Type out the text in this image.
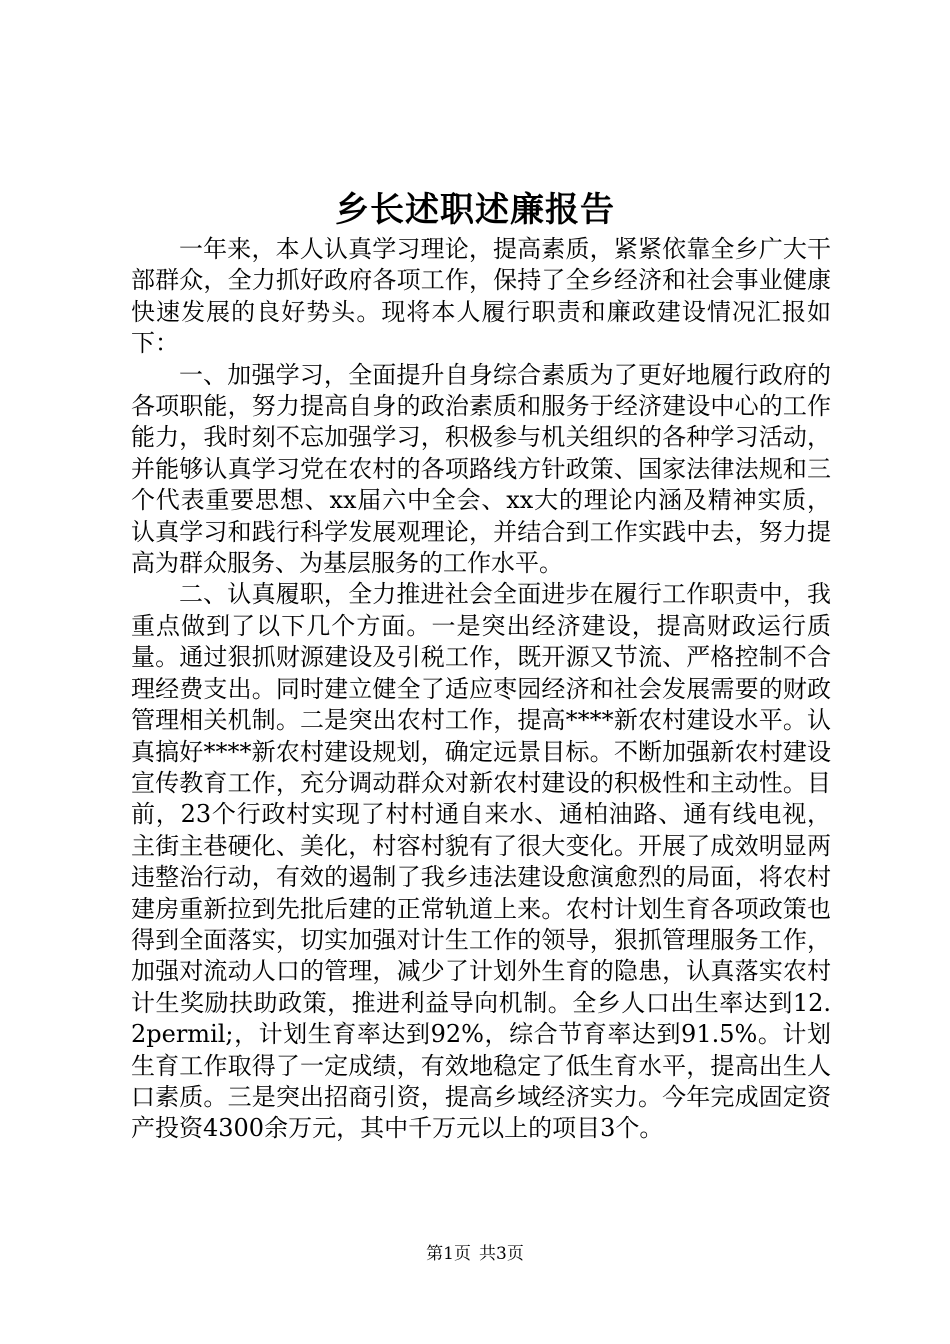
乡长述职述廉报告

一年来，本人认真学习理论，提高素质，紧紧依靠全乡广大干部群众，全力抓好政府各项工作，保持了全乡经济和社会事业健康快速发展的良好势头。现将本人履行职责和廉政建设情况汇报如下：

一、加强学习，全面提升自身综合素质为了更好地履行政府的各项职能，努力提高自身的政治素质和服务于经济建设中心的工作能力，我时刻不忘加强学习，积极参与机关组织的各种学习活动，并能够认真学习党在农村的各项路线方针政策、国家法律法规和三个代表重要思想、xx届六中全会、xx大的理论内涵及精神实质，认真学习和践行科学发展观理论，并结合到工作实践中去，努力提高为群众服务、为基层服务的工作水平。

二、认真履职，全力推进社会全面进步在履行工作职责中，我重点做到了以下几个方面。一是突出经济建设，提高财政运行质量。通过狠抓财源建设及引税工作，既开源又节流、严格控制不合理经费支出。同时建立健全了适应枣园经济和社会发展需要的财政管理相关机制。二是突出农村工作，提高****新农村建设水平。认真搞好****新农村建设规划，确定远景目标。不断加强新农村建设宣传教育工作，充分调动群众对新农村建设的积极性和主动性。目前，23个行政村实现了村村通自来水、通柏油路、通有线电视，主街主巷硬化、美化，村容村貌有了很大变化。开展了成效明显两违整治行动，有效的遏制了我乡违法建设愈演愈烈的局面，将农村建房重新拉到先批后建的正常轨道上来。农村计划生育各项政策也得到全面落实，切实加强对计生工作的领导，狠抓管理服务工作，加强对流动人口的管理，减少了计划外生育的隐患，认真落实农村计生奖励扶助政策，推进利益导向机制。全乡人口出生率达到12.2permil;，计划生育率达到92%，综合节育率达到91.5%。计划生育工作取得了一定成绩，有效地稳定了低生育水平，提高出生人口素质。三是突出招商引资，提高乡域经济实力。今年完成固定资产投资4300余万元，其中千万元以上的项目3个。

第1页 共3页
